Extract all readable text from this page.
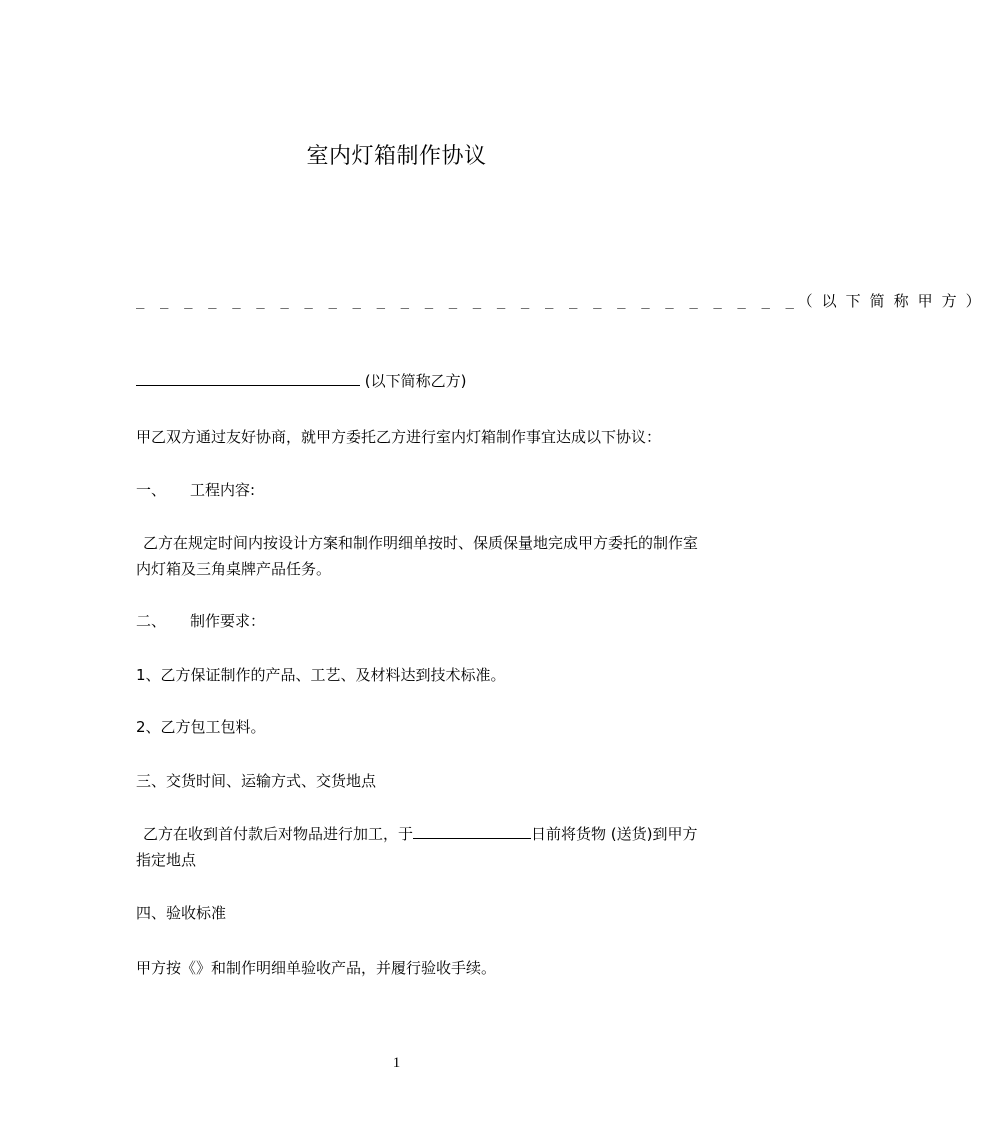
室内灯箱制作协议
_ _ _ _ _ _ _ _ _ _ _ _ _ _ _ _ _ _ _ _ _ _ _ _ _ _ _ _ （以下简称甲方）
(以下简称乙方)
甲乙双方通过友好协商，就甲方委托乙方进行室内灯箱制作事宜达成以下协议：
一、 工程内容:
乙方在规定时间内按设计方案和制作明细单按时、保质保量地完成甲方委托的制作室内灯箱及三角桌牌产品任务。
二、 制作要求：
1、乙方保证制作的产品、工艺、及材料达到技术标准。
2、乙方包工包料。
三、交货时间、运输方式、交货地点
乙方在收到首付款后对物品进行加工，于	日前将货物 (送货)到甲方指定地点
四、验收标准
甲方按《》和制作明细单验收产品，并履行验收手续。
1
